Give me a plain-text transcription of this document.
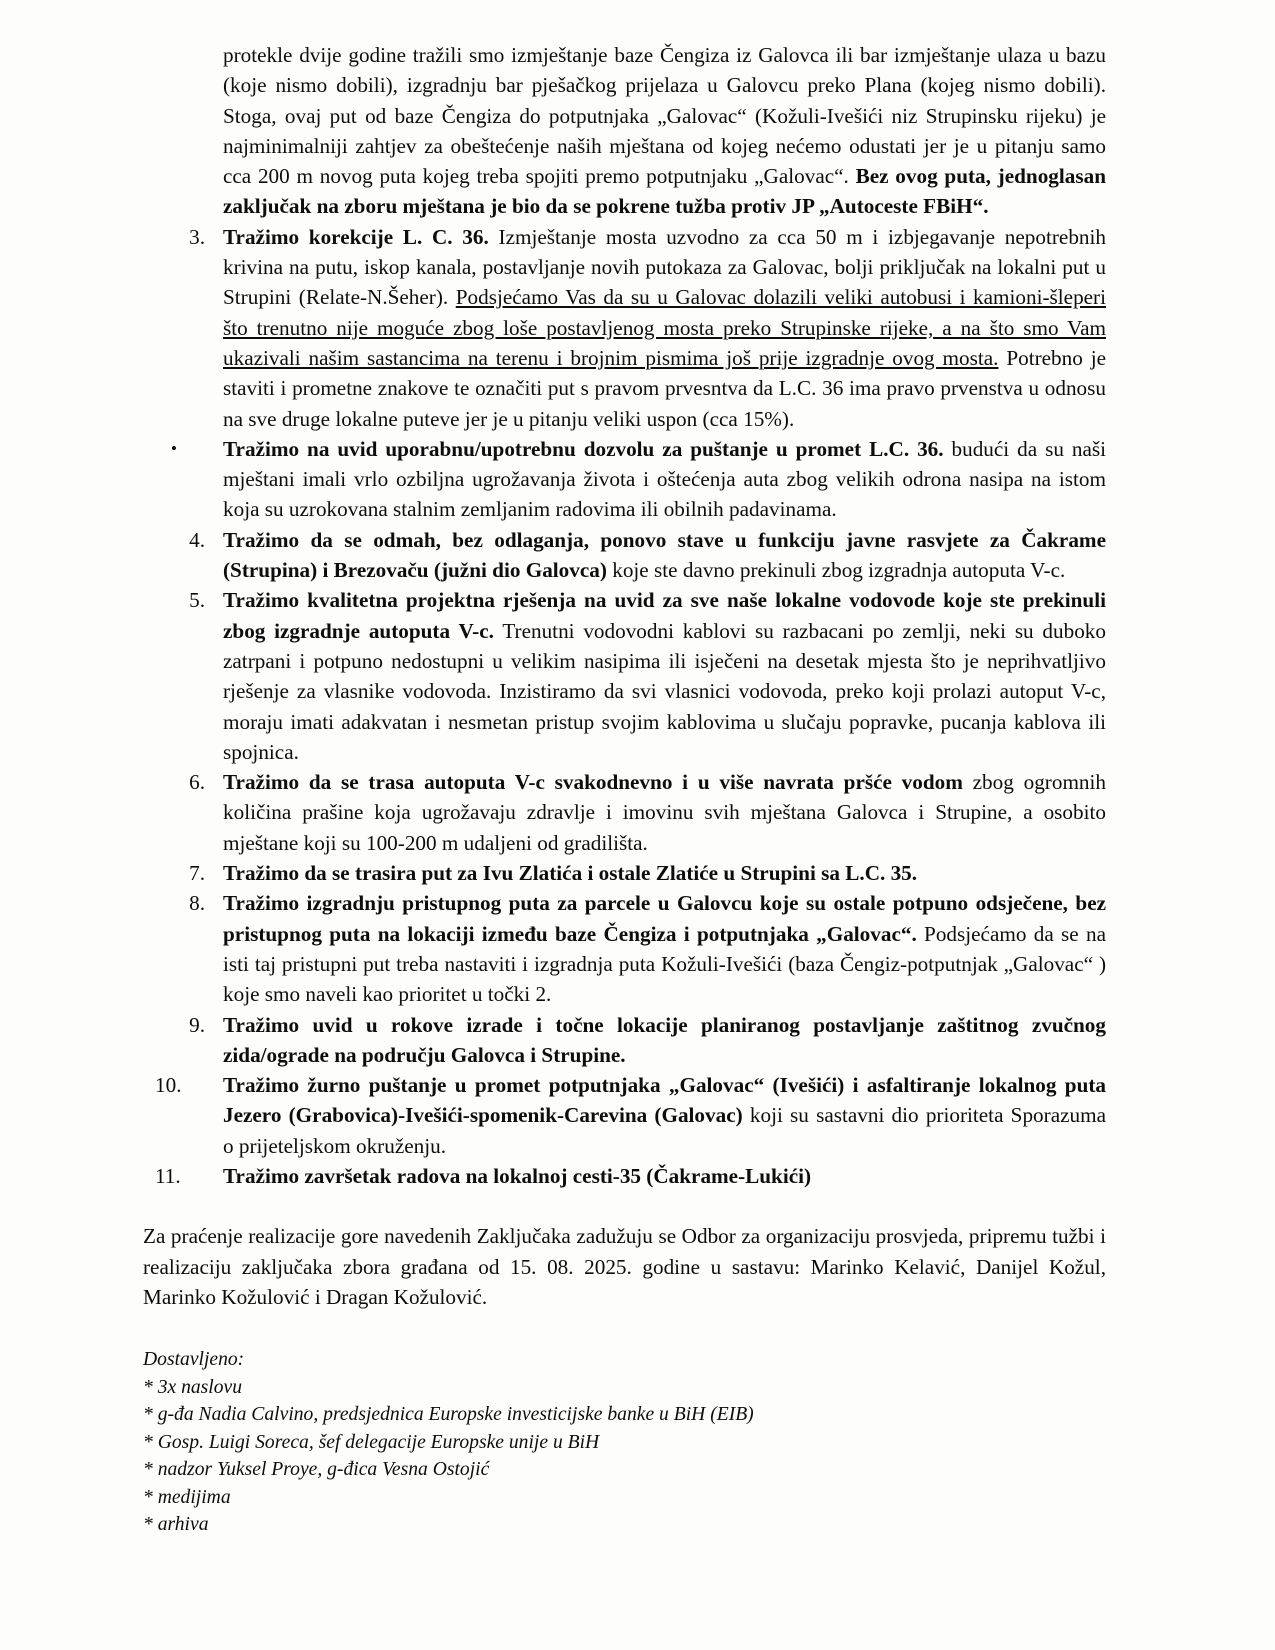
protekle dvije godine tražili smo izmještanje baze Čengiza iz Galovca ili bar izmještanje ulaza u bazu (koje nismo dobili), izgradnju bar pješačkog prijelaza u Galovcu preko Plana (kojeg nismo dobili). Stoga, ovaj put od baze Čengiza do potputnjaka „Galovac“ (Kožuli-Ivešići niz Strupinsku rijeku) je najminimalniji zahtjev za obeštećenje naših mještana od kojeg nećemo odustati jer je u pitanju samo cca 200 m novog puta kojeg treba spojiti premo potputnjaku „Galovac“. Bez ovog puta, jednoglasan zaključak na zboru mještana je bio da se pokrene tužba protiv JP „Autoceste FBiH“.

3. Tražimo korekcije L. C. 36. Izmještanje mosta uzvodno za cca 50 m i izbjegavanje nepotrebnih krivina na putu, iskop kanala, postavljanje novih putokaza za Galovac, bolji priključak na lokalni put u Strupini (Relate-N.Šeher). Podsjećamo Vas da su u Galovac dolazili veliki autobusi i kamioni-šleperi što trenutno nije moguće zbog loše postavljenog mosta preko Strupinske rijeke, a na što smo Vam ukazivali našim sastancima na terenu i brojnim pismima još prije izgradnje ovog mosta. Potrebno je staviti i prometne znakove te označiti put s pravom prvesntva da L.C. 36 ima pravo prvenstva u odnosu na sve druge lokalne puteve jer je u pitanju veliki uspon (cca 15%).
•	Tražimo na uvid uporabnu/upotrebnu dozvolu za puštanje u promet L.C. 36. budući da su naši mještani imali vrlo ozbiljna ugrožavanja života i oštećenja auta zbog velikih odrona nasipa na istom koja su uzrokovana stalnim zemljanim radovima ili obilnih padavinama.
4. Tražimo da se odmah, bez odlaganja, ponovo stave u funkciju javne rasvjete za Čakrame (Strupina) i Brezovaču (južni dio Galovca) koje ste davno prekinuli zbog izgradnja autoputa V-c.
5. Tražimo kvalitetna projektna rješenja na uvid za sve naše lokalne vodovode koje ste prekinuli zbog izgradnje autoputa V-c. Trenutni vodovodni kablovi su razbacani po zemlji, neki su duboko zatrpani i potpuno nedostupni u velikim nasipima ili isječeni na desetak mjesta što je neprihvatljivo rješenje za vlasnike vodovoda. Inzistiramo da svi vlasnici vodovoda, preko koji prolazi autoput V-c, moraju imati adakvatan i nesmetan pristup svojim kablovima u slučaju popravke, pucanja kablova ili spojnica.
6. Tražimo da se trasa autoputa V-c svakodnevno i u više navrata pršće vodom zbog ogromnih količina prašine koja ugrožavaju zdravlje i imovinu svih mještana Galovca i Strupine, a osobito mještane koji su 100-200 m udaljeni od gradilišta.
7. Tražimo da se trasira put za Ivu Zlatića i ostale Zlatiće u Strupini sa L.C. 35.
8. Tražimo izgradnju pristupnog puta za parcele u Galovcu koje su ostale potpuno odsječene, bez pristupnog puta na lokaciji između baze Čengiza i potputnjaka „Galovac“. Podsjećamo da se na isti taj pristupni put treba nastaviti i izgradnja puta Kožuli-Ivešići (baza Čengiz-potputnjak „Galovac“ ) koje smo naveli kao prioritet u točki 2.
9. Tražimo uvid u rokove izrade i točne lokacije planiranog postavljanje zaštitnog zvučnog zida/ograde na području Galovca i Strupine.
10.	Tražimo žurno puštanje u promet potputnjaka „Galovac“ (Ivešići) i asfaltiranje lokalnog puta Jezero (Grabovica)-Ivešići-spomenik-Carevina (Galovac) koji su sastavni dio prioriteta Sporazuma o prijeteljskom okruženju.
11.	Tražimo završetak radova na lokalnoj cesti-35 (Čakrame-Lukići)

Za praćenje realizacije gore navedenih Zaključaka zadužuju se Odbor za organizaciju prosvjeda, pripremu tužbi i realizaciju zaključaka zbora građana od 15. 08. 2025. godine u sastavu: Marinko Kelavić, Danijel Kožul, Marinko Kožulović i Dragan Kožulović.

Dostavljeno:
* 3x naslovu
* g-đa Nadia Calvino, predsjednica Europske investicijske banke u BiH (EIB)
* Gosp. Luigi Soreca, šef delegacije Europske unije u BiH
* nadzor Yuksel Proye, g-đica Vesna Ostojić
* medijima
* arhiva
